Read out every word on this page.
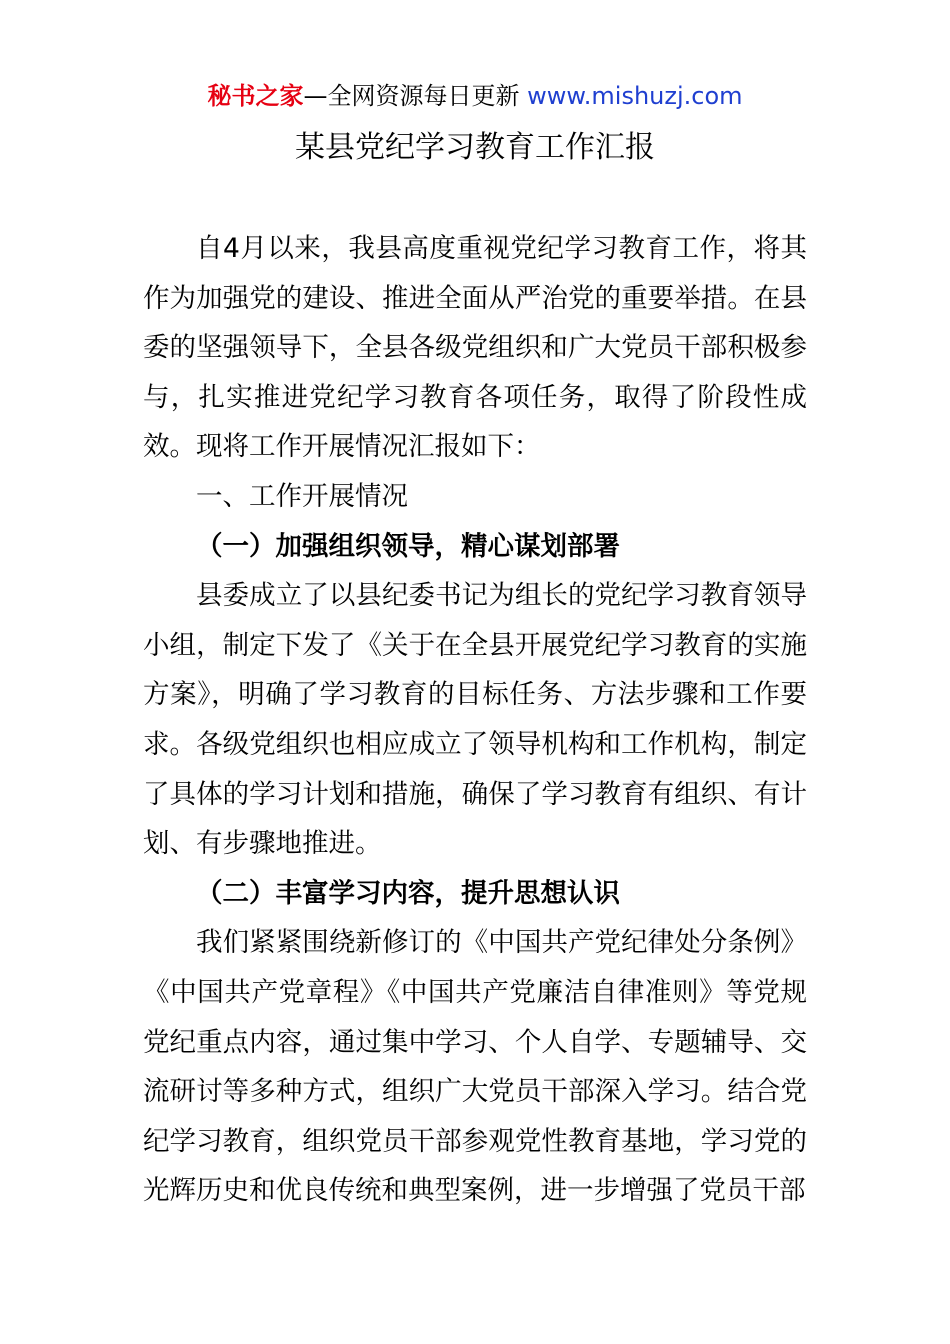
秘书之家—全网资源每日更新 www.mishuzj.com
某县党纪学习教育工作汇报

自4月以来，我县高度重视党纪学习教育工作，将其作为加强党的建设、推进全面从严治党的重要举措。在县委的坚强领导下，全县各级党组织和广大党员干部积极参与，扎实推进党纪学习教育各项任务，取得了阶段性成效。现将工作开展情况汇报如下：

一、工作开展情况

（一）加强组织领导，精心谋划部署

县委成立了以县纪委书记为组长的党纪学习教育领导小组，制定下发了《关于在全县开展党纪学习教育的实施方案》，明确了学习教育的目标任务、方法步骤和工作要求。各级党组织也相应成立了领导机构和工作机构，制定了具体的学习计划和措施，确保了学习教育有组织、有计划、有步骤地推进。

（二）丰富学习内容，提升思想认识

我们紧紧围绕新修订的《中国共产党纪律处分条例》《中国共产党章程》《中国共产党廉洁自律准则》等党规党纪重点内容，通过集中学习、个人自学、专题辅导、交流研讨等多种方式，组织广大党员干部深入学习。结合党纪学习教育，组织党员干部参观党性教育基地，学习党的光辉历史和优良传统和典型案例，进一步增强了党员干部
